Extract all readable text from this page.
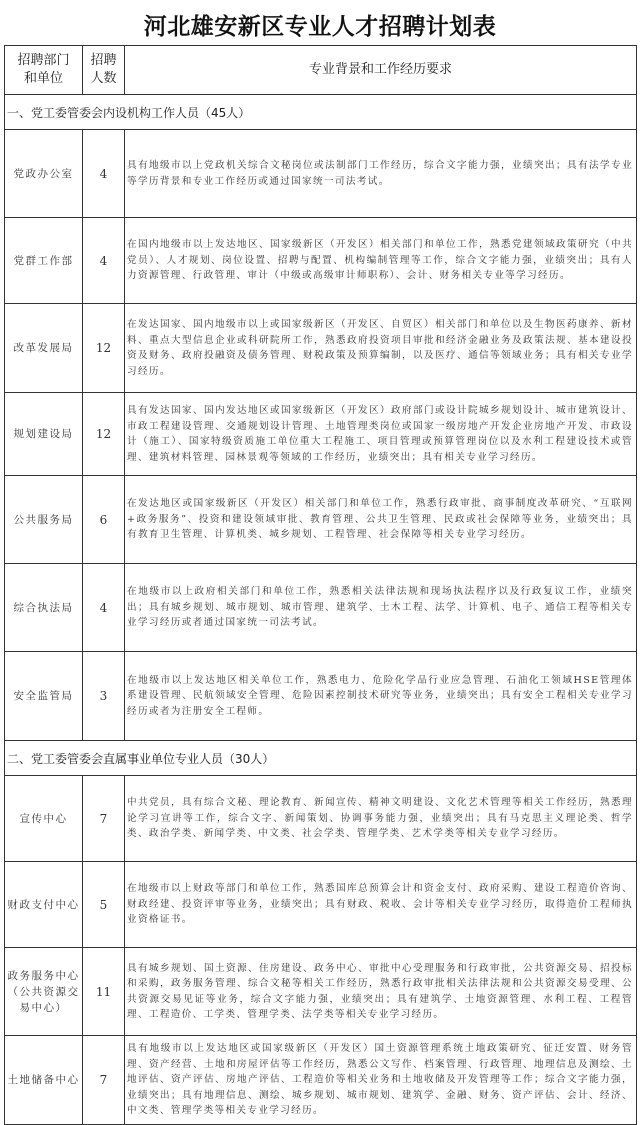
河北雄安新区专业人才招聘计划表
招聘部门和单位	招聘人数	专业背景和工作经历要求
一、党工委管委会内设机构工作人员（45人）		
党政办公室	4	具有地级市以上党政机关综合文秘岗位或法制部门工作经历，综合文字能力强，业绩突出；具有法学专业等学历背景和专业工作经历或通过国家统一司法考试。
党群工作部	4	在国内地级市以上发达地区、国家级新区（开发区）相关部门和单位工作，熟悉党建领域政策研究（中共党员）、人才规划、岗位设置、招聘与配置、机构编制管理等工作，综合文字能力强，业绩突出；具有人力资源管理、行政管理、审计（中级或高级审计师职称）、会计、财务相关专业等学习经历。
改革发展局	12	在发达国家、国内地级市以上或国家级新区（开发区、自贸区）相关部门和单位以及生物医药康养、新材料、重点大型信息企业或科研院所工作，熟悉政府投资项目审批和经济金融业务及政策法规、基本建设投资及财务、政府投融资及债务管理、财税政策及预算编制，以及医疗、通信等领域业务；具有相关专业学习经历。
规划建设局	12	具有发达国家、国内发达地区或国家级新区（开发区）政府部门或设计院城乡规划设计、城市建筑设计、市政工程建设管理、交通规划设计管理、土地管理类岗位或国家一级房地产开发企业房地产开发、市政设计（施工）、国家特级资质施工单位重大工程施工、项目管理或预算管理岗位以及水利工程建设技术或管理、建筑材料管理、园林景观等领域的工作经历，业绩突出；具有相关专业学习经历。
公共服务局	6	在发达地区或国家级新区（开发区）相关部门和单位工作，熟悉行政审批、商事制度改革研究、“互联网+政务服务”、投资和建设领域审批、教育管理、公共卫生管理、民政或社会保障等业务，业绩突出；具有教育卫生管理、计算机类、城乡规划、工程管理、社会保障等相关专业学习经历。
综合执法局	4	在地级市以上政府相关部门和单位工作，熟悉相关法律法规和现场执法程序以及行政复议工作，业绩突出；具有城乡规划、城市规划、城市管理、建筑学、土木工程、法学、计算机、电子、通信工程等相关专业学习经历或者通过国家统一司法考试。
安全监管局	3	在地级市以上发达地区相关单位工作，熟悉电力、危险化学品行业应急管理、石油化工领域HSE管理体系建设管理、民航领域安全管理、危险因素控制技术研究等业务，业绩突出；具有安全工程相关专业学习经历或者为注册安全工程师。
二、党工委管委会直属事业单位专业人员（30人）		
宣传中心	7	中共党员，具有综合文秘、理论教育、新闻宣传、精神文明建设、文化艺术管理等相关工作经历，熟悉理论学习宣讲等工作，综合文字、新闻策划、协调事务能力强，业绩突出；具有马克思主义理论类、哲学类、政治学类、新闻学类、中文类、社会学类、管理学类、艺术学类等相关专业学习经历。
财政支付中心	5	在地级市以上财政等部门和单位工作，熟悉国库总预算会计和资金支付、政府采购、建设工程造价咨询、财政经建、投资评审等业务，业绩突出；具有财政、税收、会计等相关专业学习经历，取得造价工程师执业资格证书。
政务服务中心（公共资源交易中心）	11	具有城乡规划、国土资源、住房建设、政务中心、审批中心受理服务和行政审批，公共资源交易、招投标和采购，政务服务管理、综合文秘等相关工作经历，熟悉行政审批相关法律法规和公共资源交易受理、公共资源交易见证等业务，综合文字能力强，业绩突出；具有建筑学、土地资源管理、水利工程、工程管理、工程造价、工学类、管理学类、法学类等相关专业学习经历。
土地储备中心	7	具有地级市以上发达地区或国家级新区（开发区）国土资源管理系统土地政策研究、征迁安置、财务管理、资产经营、土地和房屋评估等工作经历，熟悉公文写作、档案管理、行政管理、地理信息及测绘、土地评估、资产评估、房地产评估、工程造价等相关业务和土地收储及开发管理等工作；综合文字能力强，业绩突出；具有地理信息、测绘、城乡规划、城市规划、建筑学、金融、财务、资产评估、会计、经济、中文类、管理学类等相关专业学习经历。
